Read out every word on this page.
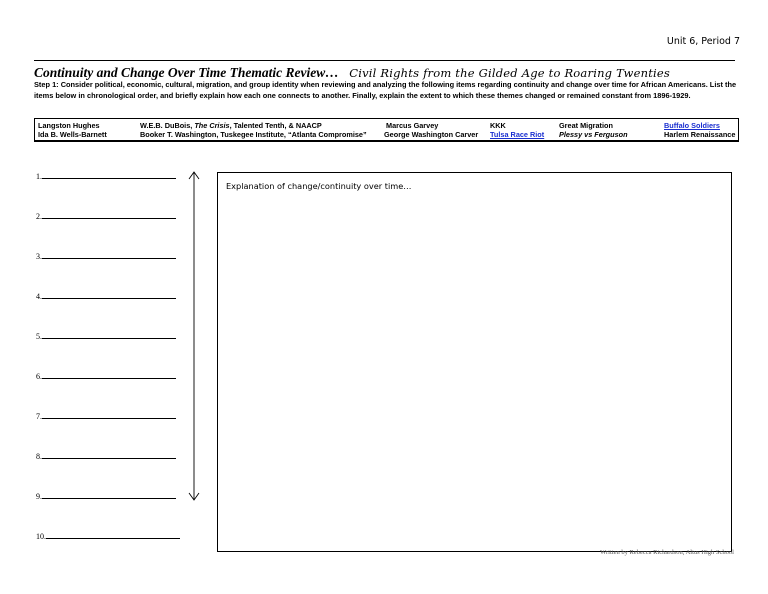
Unit 6, Period 7
Continuity and Change Over Time Thematic Review… Civil Rights from the Gilded Age to Roaring Twenties
Step 1: Consider political, economic, cultural, migration, and group identity when reviewing and analyzing the following items regarding continuity and change over time for African Americans. List the items below in chronological order, and briefly explain how each one connects to another. Finally, explain the extent to which these themes changed or remained constant from 1896-1929.
Langston Hughes
Ida B. Wells-Barnett
W.E.B. DuBois, The Crisis, Talented Tenth, & NAACP
Booker T. Washington, Tuskegee Institute, “Atlanta Compromise”
Marcus Garvey
George Washington Carver
KKK
Tulsa Race Riot
Great Migration
Plessy vs Ferguson
Buffalo Soldiers
Harlem Renaissance
1.
2.
3.
4.
5.
6.
7.
8.
9.
10.
Explanation of change/continuity over time…
Written by Rebecca Richardson, Altus High School
